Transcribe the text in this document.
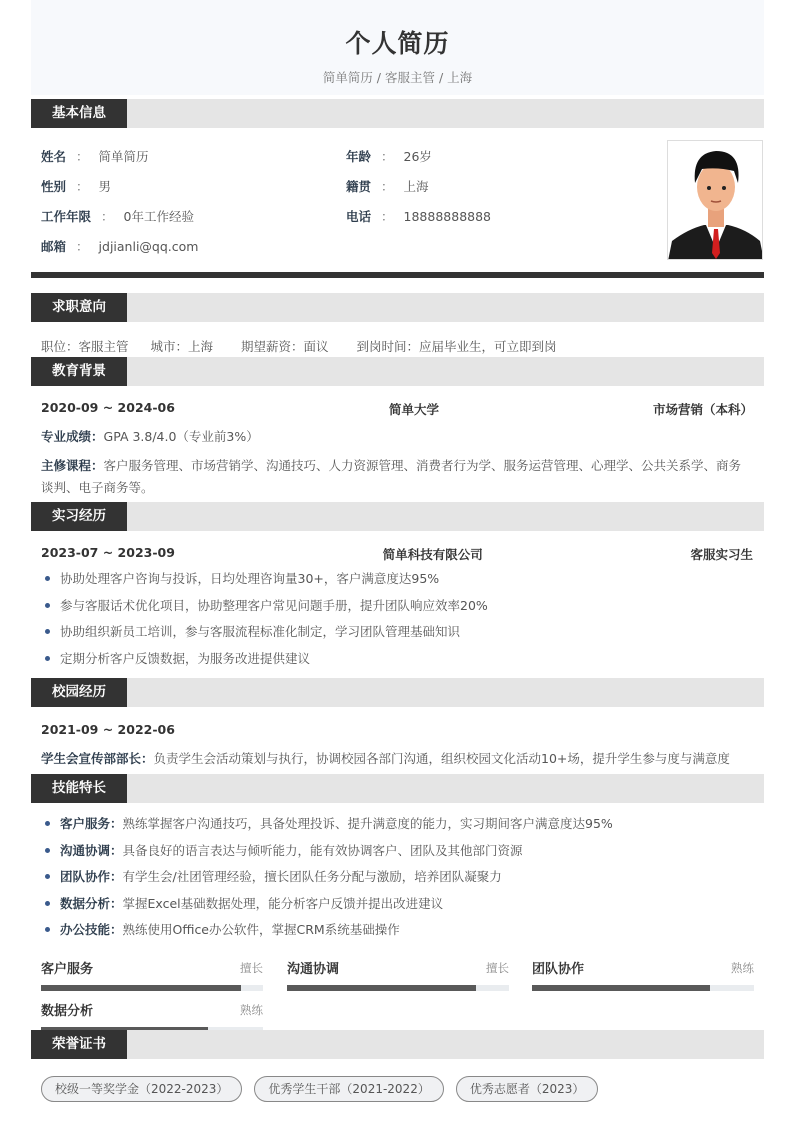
个人简历
简单简历 / 客服主管 / 上海
基本信息
姓名 ： 简单简历	年龄 ： 26岁
性别 ： 男	籍贯 ： 上海
工作年限 ： 0年工作经验	电话 ： 18888888888
邮箱 ： jdjianli@qq.com
求职意向
职位：客服主管 城市：上海 期望薪资：面议 到岗时间：应届毕业生，可立即到岗
教育背景
2020-09 ~ 2024-06	简单大学	市场营销（本科）
专业成绩：GPA 3.8/4.0（专业前3%）
主修课程：客户服务管理、市场营销学、沟通技巧、人力资源管理、消费者行为学、服务运营管理、心理学、公共关系学、商务谈判、电子商务等。
实习经历
2023-07 ~ 2023-09	简单科技有限公司	客服实习生
协助处理客户咨询与投诉，日均处理咨询量30+，客户满意度达95%
参与客服话术优化项目，协助整理客户常见问题手册，提升团队响应效率20%
协助组织新员工培训，参与客服流程标准化制定，学习团队管理基础知识
定期分析客户反馈数据，为服务改进提供建议
校园经历
2021-09 ~ 2022-06
学生会宣传部部长：负责学生会活动策划与执行，协调校园各部门沟通，组织校园文化活动10+场，提升学生参与度与满意度
技能特长
客户服务：熟练掌握客户沟通技巧，具备处理投诉、提升满意度的能力，实习期间客户满意度达95%
沟通协调：具备良好的语言表达与倾听能力，能有效协调客户、团队及其他部门资源
团队协作：有学生会/社团管理经验，擅长团队任务分配与激励，培养团队凝聚力
数据分析：掌握Excel基础数据处理，能分析客户反馈并提出改进建议
办公技能：熟练使用Office办公软件，掌握CRM系统基础操作
客户服务	擅长 沟通协调	擅长 团队协作	熟练
数据分析	熟练
荣誉证书
校级一等奖学金（2022-2023）	优秀学生干部（2021-2022）	优秀志愿者（2023）
